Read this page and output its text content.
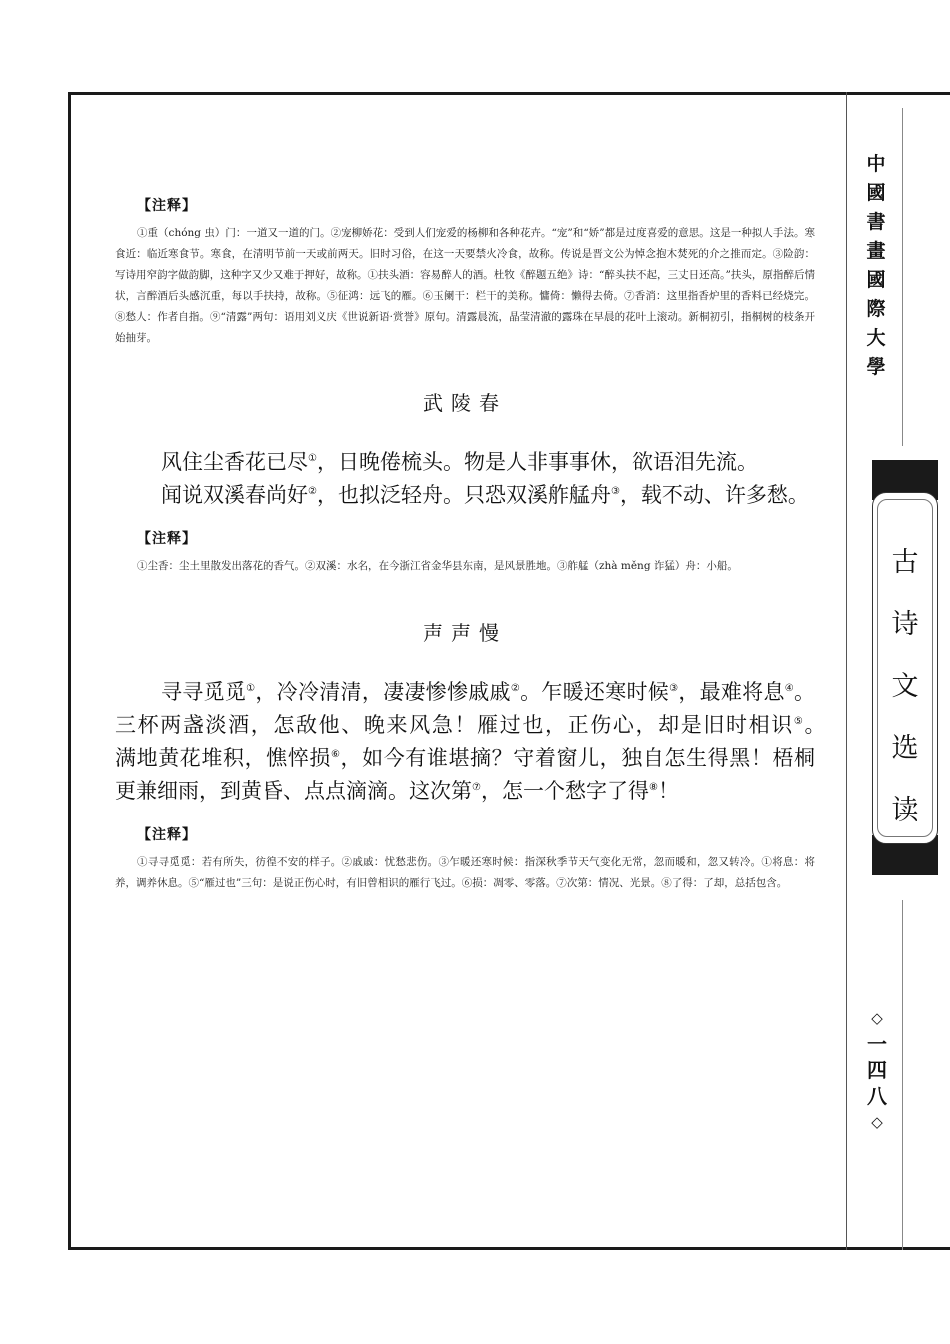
【注释】
①重（chóng 虫）门：一道又一道的门。②宠柳娇花：受到人们宠爱的杨柳和各种花卉。“宠”和“娇”都是过度喜爱的意思。这是一种拟人手法。寒食近：临近寒食节。寒食，在清明节前一天或前两天。旧时习俗，在这一天要禁火冷食，故称。传说是晋文公为悼念抱木焚死的介之推而定。③险韵：写诗用窄韵字做韵脚，这种字又少又难于押好，故称。①扶头酒：容易醉人的酒。杜牧《醉题五绝》诗：“醉头扶不起，三丈日还高。”扶头，原指醉后情状，言醉酒后头感沉重，每以手扶持，故称。⑤征鸿：远飞的雁。⑥玉阑干：栏干的美称。慵倚：懒得去倚。⑦香消：这里指香炉里的香料已经烧完。⑧愁人：作者自指。⑨“清露”两句：语用刘义庆《世说新语·赏誉》原句。清露晨流，晶莹清澈的露珠在早晨的花叶上滚动。新桐初引，指桐树的枝条开始抽芽。
武陵春

风住尘香花已尽①，日晚倦梳头。物是人非事事休，欲语泪先流。

闻说双溪春尚好②，也拟泛轻舟。只恐双溪舴艋舟③，载不动、许多愁。

【注释】
①尘香：尘土里散发出落花的香气。②双溪：水名，在今浙江省金华县东南，是风景胜地。③舴艋（zhà měng 诈猛）舟：小船。
声声慢

寻寻觅觅①，冷冷清清，凄凄惨惨戚戚②。乍暖还寒时候③，最难将息④。三杯两盏淡酒，怎敌他、晚来风急！雁过也，正伤心，却是旧时相识⑤。　　满地黄花堆积，憔悴损⑥，如今有谁堪摘？守着窗儿，独自怎生得黑！梧桐更兼细雨，到黄昏、点点滴滴。这次第⑦，怎一个愁字了得⑧！

【注释】
①寻寻觅觅：若有所失，彷徨不安的样子。②戚戚：忧愁悲伤。③乍暖还寒时候：指深秋季节天气变化无常，忽而暖和，忽又转冷。①将息：将养，调养休息。⑤“雁过也”三句：是说正伤心时，有旧曾相识的雁行飞过。⑥损：凋零、零落。⑦次第：情况、光景。⑧了得：了却，总括包含。
中
國
書
畫
國
際
大
學
古
诗
文
选
读
◇
一
四
八
◇
